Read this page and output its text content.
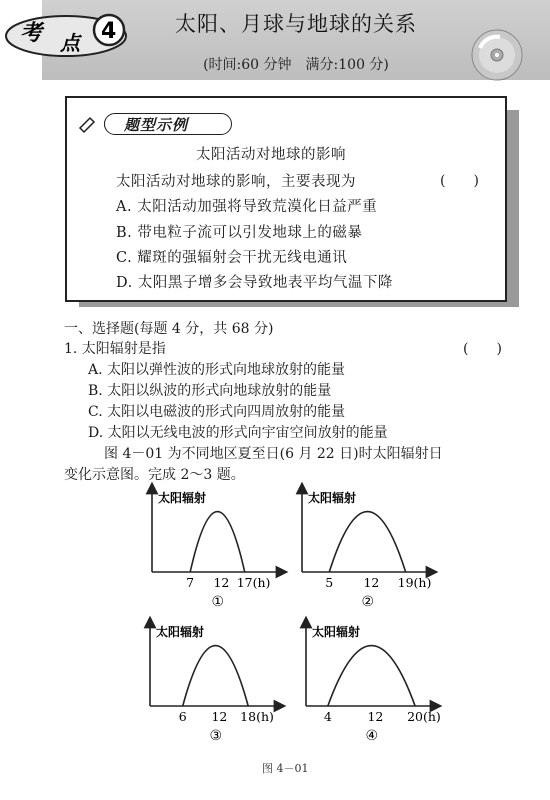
太阳、月球与地球的关系
(时间:60 分钟　满分:100 分)
考 点 4
题型示例
太阳活动对地球的影响
太阳活动对地球的影响，主要表现为	(　　)
A. 太阳活动加强将导致荒漠化日益严重
B. 带电粒子流可以引发地球上的磁暴
C. 耀斑的强辐射会干扰无线电通讯
D. 太阳黑子增多会导致地表平均气温下降
一、选择题(每题 4 分，共 68 分)
1. 太阳辐射是指	(　　)
A. 太阳以弹性波的形式向地球放射的能量
B. 太阳以纵波的形式向地球放射的能量
C. 太阳以电磁波的形式向四周放射的能量
D. 太阳以无线电波的形式向宇宙空间放射的能量
图 4－01 为不同地区夏至日(6 月 22 日)时太阳辐射日
变化示意图。完成 2～3 题。
太阳辐射
7 12 17(h)
①
太阳辐射
5 12 19(h)
②
太阳辐射
6 12 18(h)
③
太阳辐射
4	12 20(h)
④
图 4－01
